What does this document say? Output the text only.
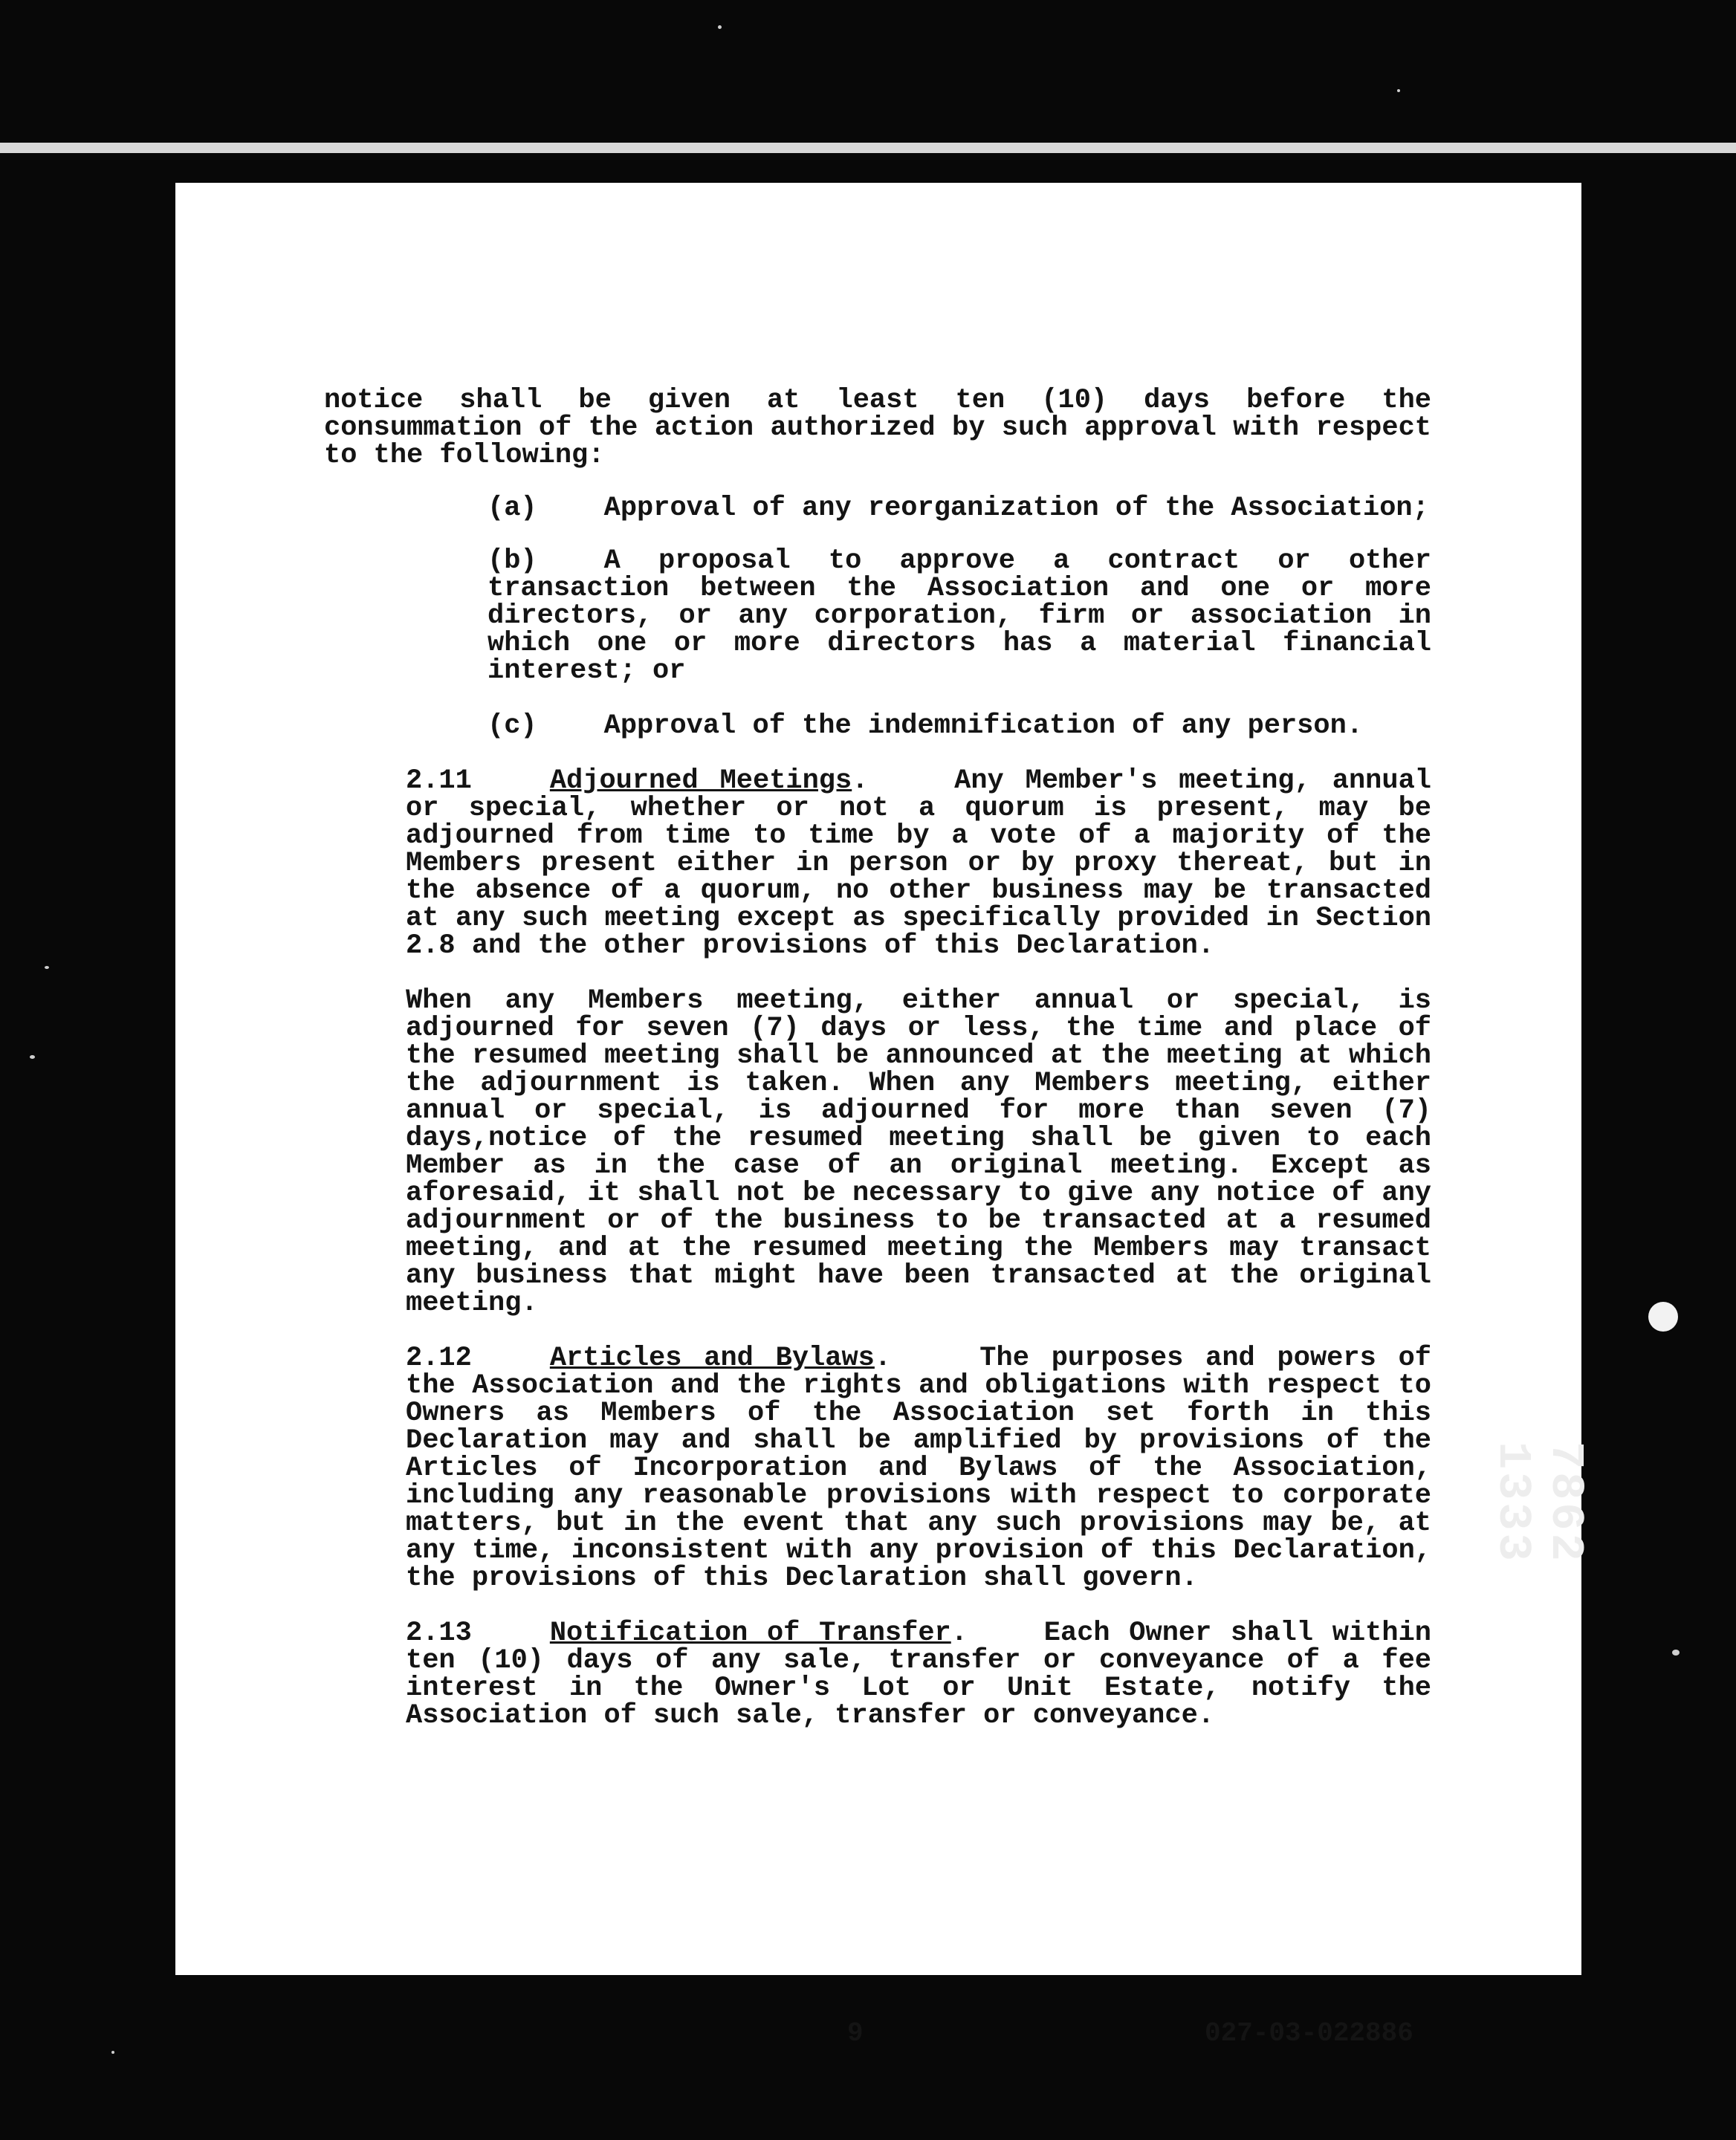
notice shall be given at least ten (10) days before the consummation of the action authorized by such approval with respect to the following:

(a) Approval of any reorganization of the Association;

(b) A proposal to approve a contract or other transaction between the Association and one or more directors, or any corporation, firm or association in which one or more directors has a material financial interest; or

(c) Approval of the indemnification of any person.

2.11	Adjourned Meetings.    Any Member's meeting, annual or special, whether or not a quorum is present, may be adjourned from time to time by a vote of a majority of the Members present either in person or by proxy thereat, but in the absence of a quorum, no other business may be transacted at any such meeting except as specifically provided in Section 2.8 and the other provisions of this Declaration.

When any Members meeting, either annual or special, is adjourned for seven (7) days or less, the time and place of the resumed meeting shall be announced at the meeting at which the adjournment is taken. When any Members meeting, either annual or special, is adjourned for more than seven (7) days,notice of the resumed meeting shall be given to each Member as in the case of an original meeting. Except as aforesaid, it shall not be necessary to give any notice of any adjournment or of the business to be transacted at a resumed meeting, and at the resumed meeting the Members may transact any business that might have been transacted at the original meeting.

2.12	Articles and Bylaws.    The purposes and powers of the Association and the rights and obligations with respect to Owners as Members of the Association set forth in this Declaration may and shall be amplified by provisions of the Articles of Incorporation and Bylaws of the Association, including any reasonable provisions with respect to corporate matters, but in the event that any such provisions may be, at any time, inconsistent with any provision of this Declaration, the provisions of this Declaration shall govern.

2.13	Notification of Transfer.    Each Owner shall within ten (10) days of any sale, transfer or conveyance of a fee interest in the Owner's Lot or Unit Estate, notify the Association of such sale, transfer or conveyance.

9	027-03-022886
7862
1333
